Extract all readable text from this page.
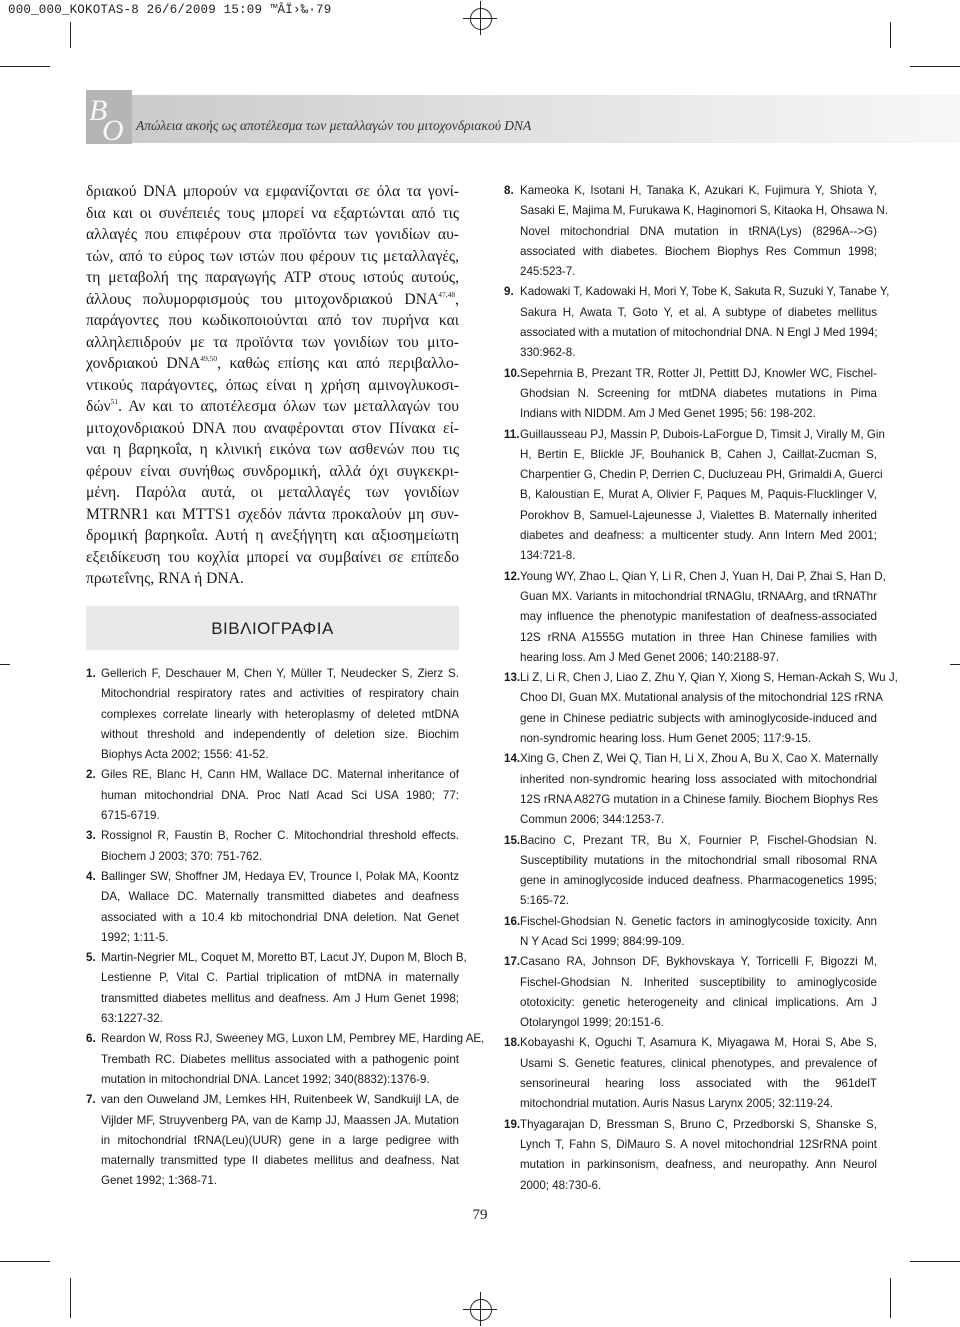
000_000_KOKOTAS-8 26/6/2009 15:09 ™ÂÏ›‰·79
B
O Απώλεια ακοής ως αποτέλεσμα των μεταλλαγών του μιτοχονδριακού DNA
δριακού DNA μπορούν να εμφανίζονται σε όλα τα γονί-
δια και οι συνέπειές τους μπορεί να εξαρτώνται από τις
αλλαγές που επιφέρουν στα προϊόντα των γονιδίων αυ-
τών, από το εύρος των ιστών που φέρουν τις μεταλλαγές,
τη μεταβολή της παραγωγής ATP στους ιστούς αυτούς,
άλλους πολυμορφισμούς του μιτοχονδριακού DNA$^{47,48}$,
παράγοντες που κωδικοποιούνται από τον πυρήνα και
αλληλεπιδρούν με τα προϊόντα των γονιδίων του μιτο-
χονδριακού DNA$^{49,50}$, καθώς επίσης και από περιβαλλο-
ντικούς παράγοντες, όπως είναι η χρήση αμινογλυκοσι-
δών$^{51}$. Αν και το αποτέλεσμα όλων των μεταλλαγών του
μιτοχονδριακού DNA που αναφέρονται στον Πίνακα εί-
ναι η βαρηκοΐα, η κλινική εικόνα των ασθενών που τις
φέρουν είναι συνήθως συνδρομική, αλλά όχι συγκεκρι-
μένη. Παρόλα αυτά, οι μεταλλαγές των γονιδίων
MTRNR1 και MTTS1 σχεδόν πάντα προκαλούν μη συν-
δρομική βαρηκοΐα. Αυτή η ανεξήγητη και αξιοσημείωτη
εξειδίκευση του κοχλία μπορεί να συμβαίνει σε επίπεδο
πρωτεΐνης, RNA ή DNA.
ΒΙΒΛΙΟΓΡΑΦΙΑ
1. Gellerich F, Deschauer M, Chen Y, Müller T, Neudecker S, Zierz S.
Mitochondrial respiratory rates and activities of respiratory chain
complexes correlate linearly with heteroplasmy of deleted mtDNA
without threshold and independently of deletion size. Biochim
Biophys Acta 2002; 1556: 41-52.
2. Giles RE, Blanc H, Cann HM, Wallace DC. Maternal inheritance of
human mitochondrial DNA. Proc Natl Acad Sci USA 1980; 77:
6715-6719.
3. Rossignol R, Faustin B, Rocher C. Mitochondrial threshold effects.
Biochem J 2003; 370: 751-762.
4. Ballinger SW, Shoffner JM, Hedaya EV, Trounce I, Polak MA, Koontz
DA, Wallace DC. Maternally transmitted diabetes and deafness
associated with a 10.4 kb mitochondrial DNA deletion. Nat Genet
1992; 1:11-5.
5. Martin-Negrier ML, Coquet M, Moretto BT, Lacut JY, Dupon M, Bloch B,
Lestienne P, Vital C. Partial triplication of mtDNA in maternally
transmitted diabetes mellitus and deafness. Am J Hum Genet 1998;
63:1227-32.
6. Reardon W, Ross RJ, Sweeney MG, Luxon LM, Pembrey ME, Harding AE,
Trembath RC. Diabetes mellitus associated with a pathogenic point
mutation in mitochondrial DNA. Lancet 1992; 340(8832):1376-9.
7. van den Ouweland JM, Lemkes HH, Ruitenbeek W, Sandkuijl LA, de
Vijlder MF, Struyvenberg PA, van de Kamp JJ, Maassen JA. Mutation
in mitochondrial tRNA(Leu)(UUR) gene in a large pedigree with
maternally transmitted type II diabetes mellitus and deafness. Nat
Genet 1992; 1:368-71.
8. Kameoka K, Isotani H, Tanaka K, Azukari K, Fujimura Y, Shiota Y,
Sasaki E, Majima M, Furukawa K, Haginomori S, Kitaoka H, Ohsawa N.
Novel mitochondrial DNA mutation in tRNA(Lys) (8296A-->G)
associated with diabetes. Biochem Biophys Res Commun 1998;
245:523-7.
9. Kadowaki T, Kadowaki H, Mori Y, Tobe K, Sakuta R, Suzuki Y, Tanabe Y,
Sakura H, Awata T, Goto Y, et al. A subtype of diabetes mellitus
associated with a mutation of mitochondrial DNA. N Engl J Med 1994;
330:962-8.
10. Sepehrnia B, Prezant TR, Rotter JI, Pettitt DJ, Knowler WC, Fischel-
Ghodsian N. Screening for mtDNA diabetes mutations in Pima
Indians with NIDDM. Am J Med Genet 1995; 56: 198-202.
11. Guillausseau PJ, Massin P, Dubois-LaForgue D, Timsit J, Virally M, Gin
H, Bertin E, Blickle JF, Bouhanick B, Cahen J, Caillat-Zucman S,
Charpentier G, Chedin P, Derrien C, Ducluzeau PH, Grimaldi A, Guerci
B, Kaloustian E, Murat A, Olivier F, Paques M, Paquis-Flucklinger V,
Porokhov B, Samuel-Lajeunesse J, Vialettes B. Maternally inherited
diabetes and deafness: a multicenter study. Ann Intern Med 2001;
134:721-8.
12. Young WY, Zhao L, Qian Y, Li R, Chen J, Yuan H, Dai P, Zhai S, Han D,
Guan MX. Variants in mitochondrial tRNAGlu, tRNAArg, and tRNAThr
may influence the phenotypic manifestation of deafness-associated
12S rRNA A1555G mutation in three Han Chinese families with
hearing loss. Am J Med Genet 2006; 140:2188-97.
13. Li Z, Li R, Chen J, Liao Z, Zhu Y, Qian Y, Xiong S, Heman-Ackah S, Wu J,
Choo DI, Guan MX. Mutational analysis of the mitochondrial 12S rRNA
gene in Chinese pediatric subjects with aminoglycoside-induced and
non-syndromic hearing loss. Hum Genet 2005; 117:9-15.
14. Xing G, Chen Z, Wei Q, Tian H, Li X, Zhou A, Bu X, Cao X. Maternally
inherited non-syndromic hearing loss associated with mitochondrial
12S rRNA A827G mutation in a Chinese family. Biochem Biophys Res
Commun 2006; 344:1253-7.
15. Bacino C, Prezant TR, Bu X, Fournier P, Fischel-Ghodsian N.
Susceptibility mutations in the mitochondrial small ribosomal RNA
gene in aminoglycoside induced deafness. Pharmacogenetics 1995;
5:165-72.
16. Fischel-Ghodsian N. Genetic factors in aminoglycoside toxicity. Ann
N Y Acad Sci 1999; 884:99-109.
17. Casano RA, Johnson DF, Bykhovskaya Y, Torricelli F, Bigozzi M,
Fischel-Ghodsian N. Inherited susceptibility to aminoglycoside
ototoxicity: genetic heterogeneity and clinical implications. Am J
Otolaryngol 1999; 20:151-6.
18. Kobayashi K, Oguchi T, Asamura K, Miyagawa M, Horai S, Abe S,
Usami S. Genetic features, clinical phenotypes, and prevalence of
sensorineural hearing loss associated with the 961delT
mitochondrial mutation. Auris Nasus Larynx 2005; 32:119-24.
19. Thyagarajan D, Bressman S, Bruno C, Przedborski S, Shanske S,
Lynch T, Fahn S, DiMauro S. A novel mitochondrial 12SrRNA point
mutation in parkinsonism, deafness, and neuropathy. Ann Neurol
2000; 48:730-6.
79
